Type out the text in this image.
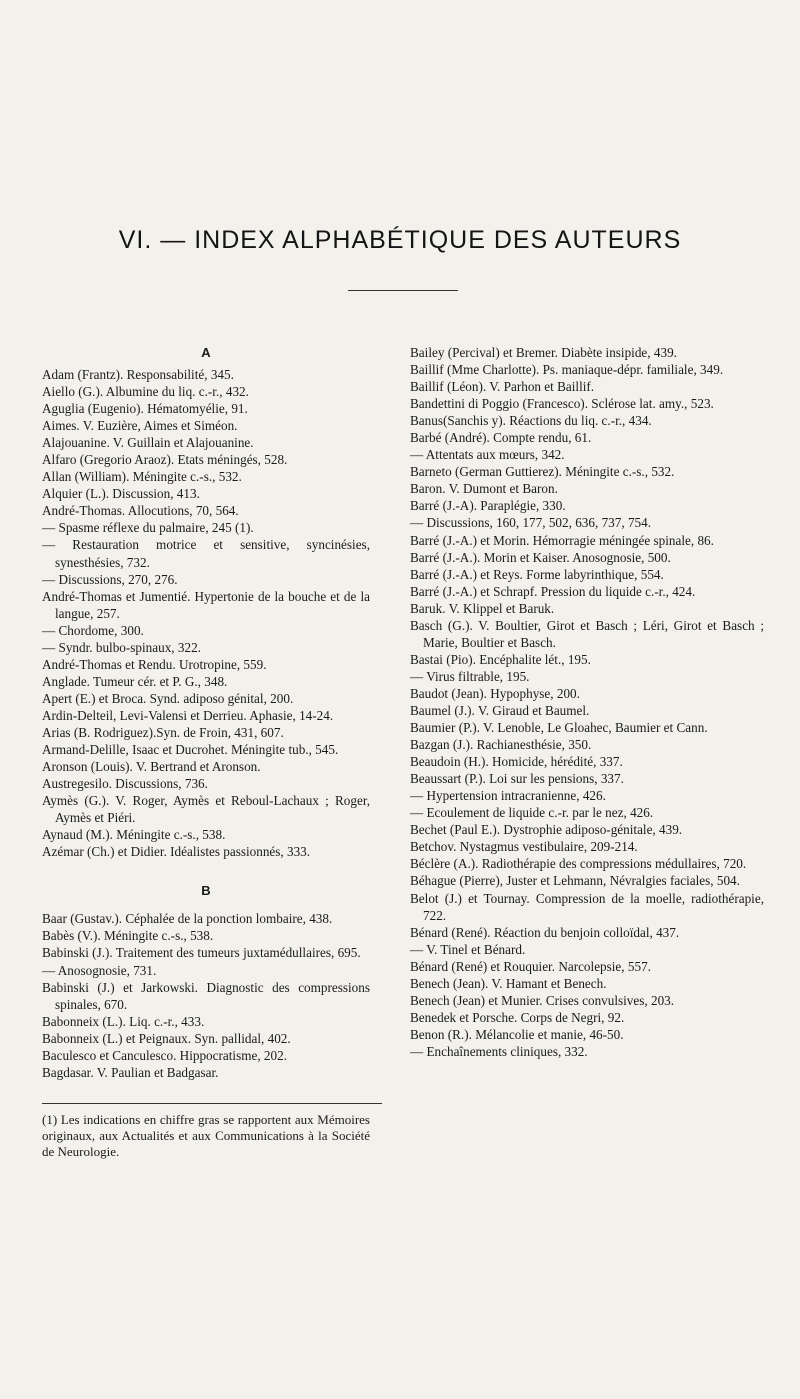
VI. — INDEX ALPHABÉTIQUE DES AUTEURS
A

Adam (Frantz). Responsabilité, 345.

Aiello (G.). Albumine du liq. c.-r., 432.

Aguglia (Eugenio). Hématomyélie, 91.

Aimes. V. Euzière, Aimes et Siméon.

Alajouanine. V. Guillain et Alajouanine.

Alfaro (Gregorio Araoz). Etats méningés, 528.

Allan (William). Méningite c.-s., 532.

Alquier (L.). Discussion, 413.

André-Thomas. Allocutions, 70, 564.

— Spasme réflexe du palmaire, 245 (1).

— Restauration motrice et sensitive, syncinésies, synesthésies, 732.

— Discussions, 270, 276.

André-Thomas et Jumentié. Hypertonie de la bouche et de la langue, 257.

— Chordome, 300.

— Syndr. bulbo-spinaux, 322.

André-Thomas et Rendu. Urotropine, 559.

Anglade. Tumeur cér. et P. G., 348.

Apert (E.) et Broca. Synd. adiposo génital, 200.

Ardin-Delteil, Levi-Valensi et Derrieu. Aphasie, 14-24.

Arias (B. Rodriguez).Syn. de Froin, 431, 607.

Armand-Delille, Isaac et Ducrohet. Méningite tub., 545.

Aronson (Louis). V. Bertrand et Aronson.

Austregesilo. Discussions, 736.

Aymès (G.). V. Roger, Aymès et Reboul-Lachaux ; Roger, Aymès et Piéri.

Aynaud (M.). Méningite c.-s., 538.

Azémar (Ch.) et Didier. Idéalistes passionnés, 333.

B

Baar (Gustav.). Céphalée de la ponction lombaire, 438.

Babès (V.). Méningite c.-s., 538.

Babinski (J.). Traitement des tumeurs juxtamédullaires, 695.

— Anosognosie, 731.

Babinski (J.) et Jarkowski. Diagnostic des compressions spinales, 670.

Babonneix (L.). Liq. c.-r., 433.

Babonneix (L.) et Peignaux. Syn. pallidal, 402.

Baculesco et Canculesco. Hippocratisme, 202.

Bagdasar. V. Paulian et Badgasar.

(1) Les indications en chiffre gras se rapportent aux Mémoires originaux, aux Actualités et aux Communications à la Société de Neurologie.

Bailey (Percival) et Bremer. Diabète insipide, 439.

Baillif (Mme Charlotte). Ps. maniaque-dépr. familiale, 349.

Baillif (Léon). V. Parhon et Baillif.

Bandettini di Poggio (Francesco). Sclérose lat. amy., 523.

Banus(Sanchis y). Réactions du liq. c.-r., 434.

Barbé (André). Compte rendu, 61.

— Attentats aux mœurs, 342.

Barneto (German Guttierez). Méningite c.-s., 532.

Baron. V. Dumont et Baron.

Barré (J.-A). Paraplégie, 330.

— Discussions, 160, 177, 502, 636, 737, 754.

Barré (J.-A.) et Morin. Hémorragie méningée spinale, 86.

Barré (J.-A.). Morin et Kaiser. Anosognosie, 500.

Barré (J.-A.) et Reys. Forme labyrinthique, 554.

Barré (J.-A.) et Schrapf. Pression du liquide c.-r., 424.

Baruk. V. Klippel et Baruk.

Basch (G.). V. Boultier, Girot et Basch ; Léri, Girot et Basch ; Marie, Boultier et Basch.

Bastai (Pio). Encéphalite lét., 195.

— Virus filtrable, 195.

Baudot (Jean). Hypophyse, 200.

Baumel (J.). V. Giraud et Baumel.

Baumier (P.). V. Lenoble, Le Gloahec, Baumier et Cann.

Bazgan (J.). Rachianesthésie, 350.

Beaudoin (H.). Homicide, hérédité, 337.

Beaussart (P.). Loi sur les pensions, 337.

— Hypertension intracranienne, 426.

— Ecoulement de liquide c.-r. par le nez, 426.

Bechet (Paul E.). Dystrophie adiposo-génitale, 439.

Betchov. Nystagmus vestibulaire, 209-214.

Béclère (A.). Radiothérapie des compressions médullaires, 720.

Béhague (Pierre), Juster et Lehmann, Névralgies faciales, 504.

Belot (J.) et Tournay. Compression de la moelle, radiothérapie, 722.

Bénard (René). Réaction du benjoin colloïdal, 437.

— V. Tinel et Bénard.

Bénard (René) et Rouquier. Narcolepsie, 557.

Benech (Jean). V. Hamant et Benech.

Benech (Jean) et Munier. Crises convulsives, 203.

Benedek et Porsche. Corps de Negri, 92.

Benon (R.). Mélancolie et manie, 46-50.

— Enchaînements cliniques, 332.
